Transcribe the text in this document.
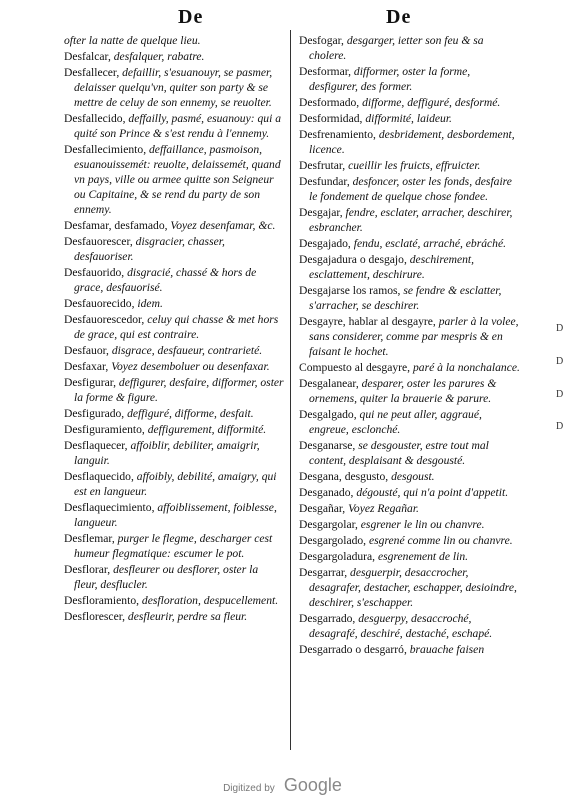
De	De

ofter la natte de quelque lieu.

Desfalcar, desfalquer, rabatre.

Desfallecer, defaillir, s'esuanouyr, se pasmer, delaisser quelqu'vn, quiter son party & se mettre de celuy de son ennemy, se reuolter.

Desfallecido, deffailly, pasmé, esuanouy: qui a quité son Prince & s'est rendu à l'ennemy.

Desfallecimiento, deffaillance, pasmoison, esuanouissemét: reuolte, delaissemét, quand vn pays, ville ou armee quitte son Seigneur ou Capitaine, & se rend du party de son ennemy.

Desfamar, desfamado, Voyez desenfamar, &c.

Desfauorescer, disgracier, chasser, desfauoriser.

Desfauorido, disgracié, chassé & hors de grace, desfauorisé.

Desfauorecido, idem.

Desfauorescedor, celuy qui chasse & met hors de grace, qui est contraire.

Desfauor, disgrace, desfaueur, contrarieté.

Desfaxar, Voyez desemboluer ou desenfaxar.

Desfigurar, deffigurer, desfaire, difformer, oster la forme & figure.

Desfigurado, deffiguré, difforme, desfait.

Desfiguramiento, deffigurement, difformité.

Desflaquecer, affoiblir, debiliter, amaigrir, languir.

Desflaquecido, affoibly, debilité, amaigry, qui est en langueur.

Desflaquecimiento, affoiblissement, foiblesse, langueur.

Desflemar, purger le flegme, descharger cest humeur flegmatique: escumer le pot.

Desflorar, desfleurer ou desflorer, oster la fleur, desflucler.

Desfloramiento, desfloration, despucellement.

Desflorescer, desfleurir, perdre sa fleur.

Desfogar, desgarger, ietter son feu & sa cholere.

Desformar, difformer, oster la forme, desfigurer, des former.

Desformado, difforme, deffiguré, desformé.

Desformidad, difformité, laideur.

Desfrenamiento, desbridement, desbordement, licence.

Desfrutar, cueillir les fruicts, effruicter.

Desfundar, desfoncer, oster les fonds, desfaire le fondement de quelque chose fondee.

Desgajar, fendre, esclater, arracher, deschirer, esbrancher.

Desgajado, fendu, esclaté, arraché, ebráché.

Desgajadura o desgajo, deschirement, esclattement, deschirure.

Desgajarse los ramos, se fendre & esclatter, s'arracher, se deschirer.

Desgayre, hablar al desgayre, parler à la volee, sans considerer, comme par mespris & en faisant le hochet.

Compuesto al desgayre, paré à la nonchalance.

Desgalanear, desparer, oster les parures & ornemens, quiter la brauerie & parure.

Desgalgado, qui ne peut aller, aggraué, engreue, esclonché.

Desganarse, se desgouster, estre tout mal content, desplaisant & desgousté.

Desgana, desgusto, desgoust.

Desganado, dégousté, qui n'a point d'appetit.

Desgañar, Voyez Regañar.

Desgargolar, esgrener le lin ou chanvre.

Desgargolado, esgrené comme lin ou chanvre.

Desgargoladura, esgrenement de lin.

Desgarrar, desguerpir, desaccrocher, desagrafer, destacher, eschapper, desioindre, deschirer, s'eschapper.

Desgarrado, desguerpy, desaccroché, desagrafé, deschiré, destaché, eschapé.

Desgarrado o desgarró, brauache faisen

D
D
D
D
Digitized by Google
